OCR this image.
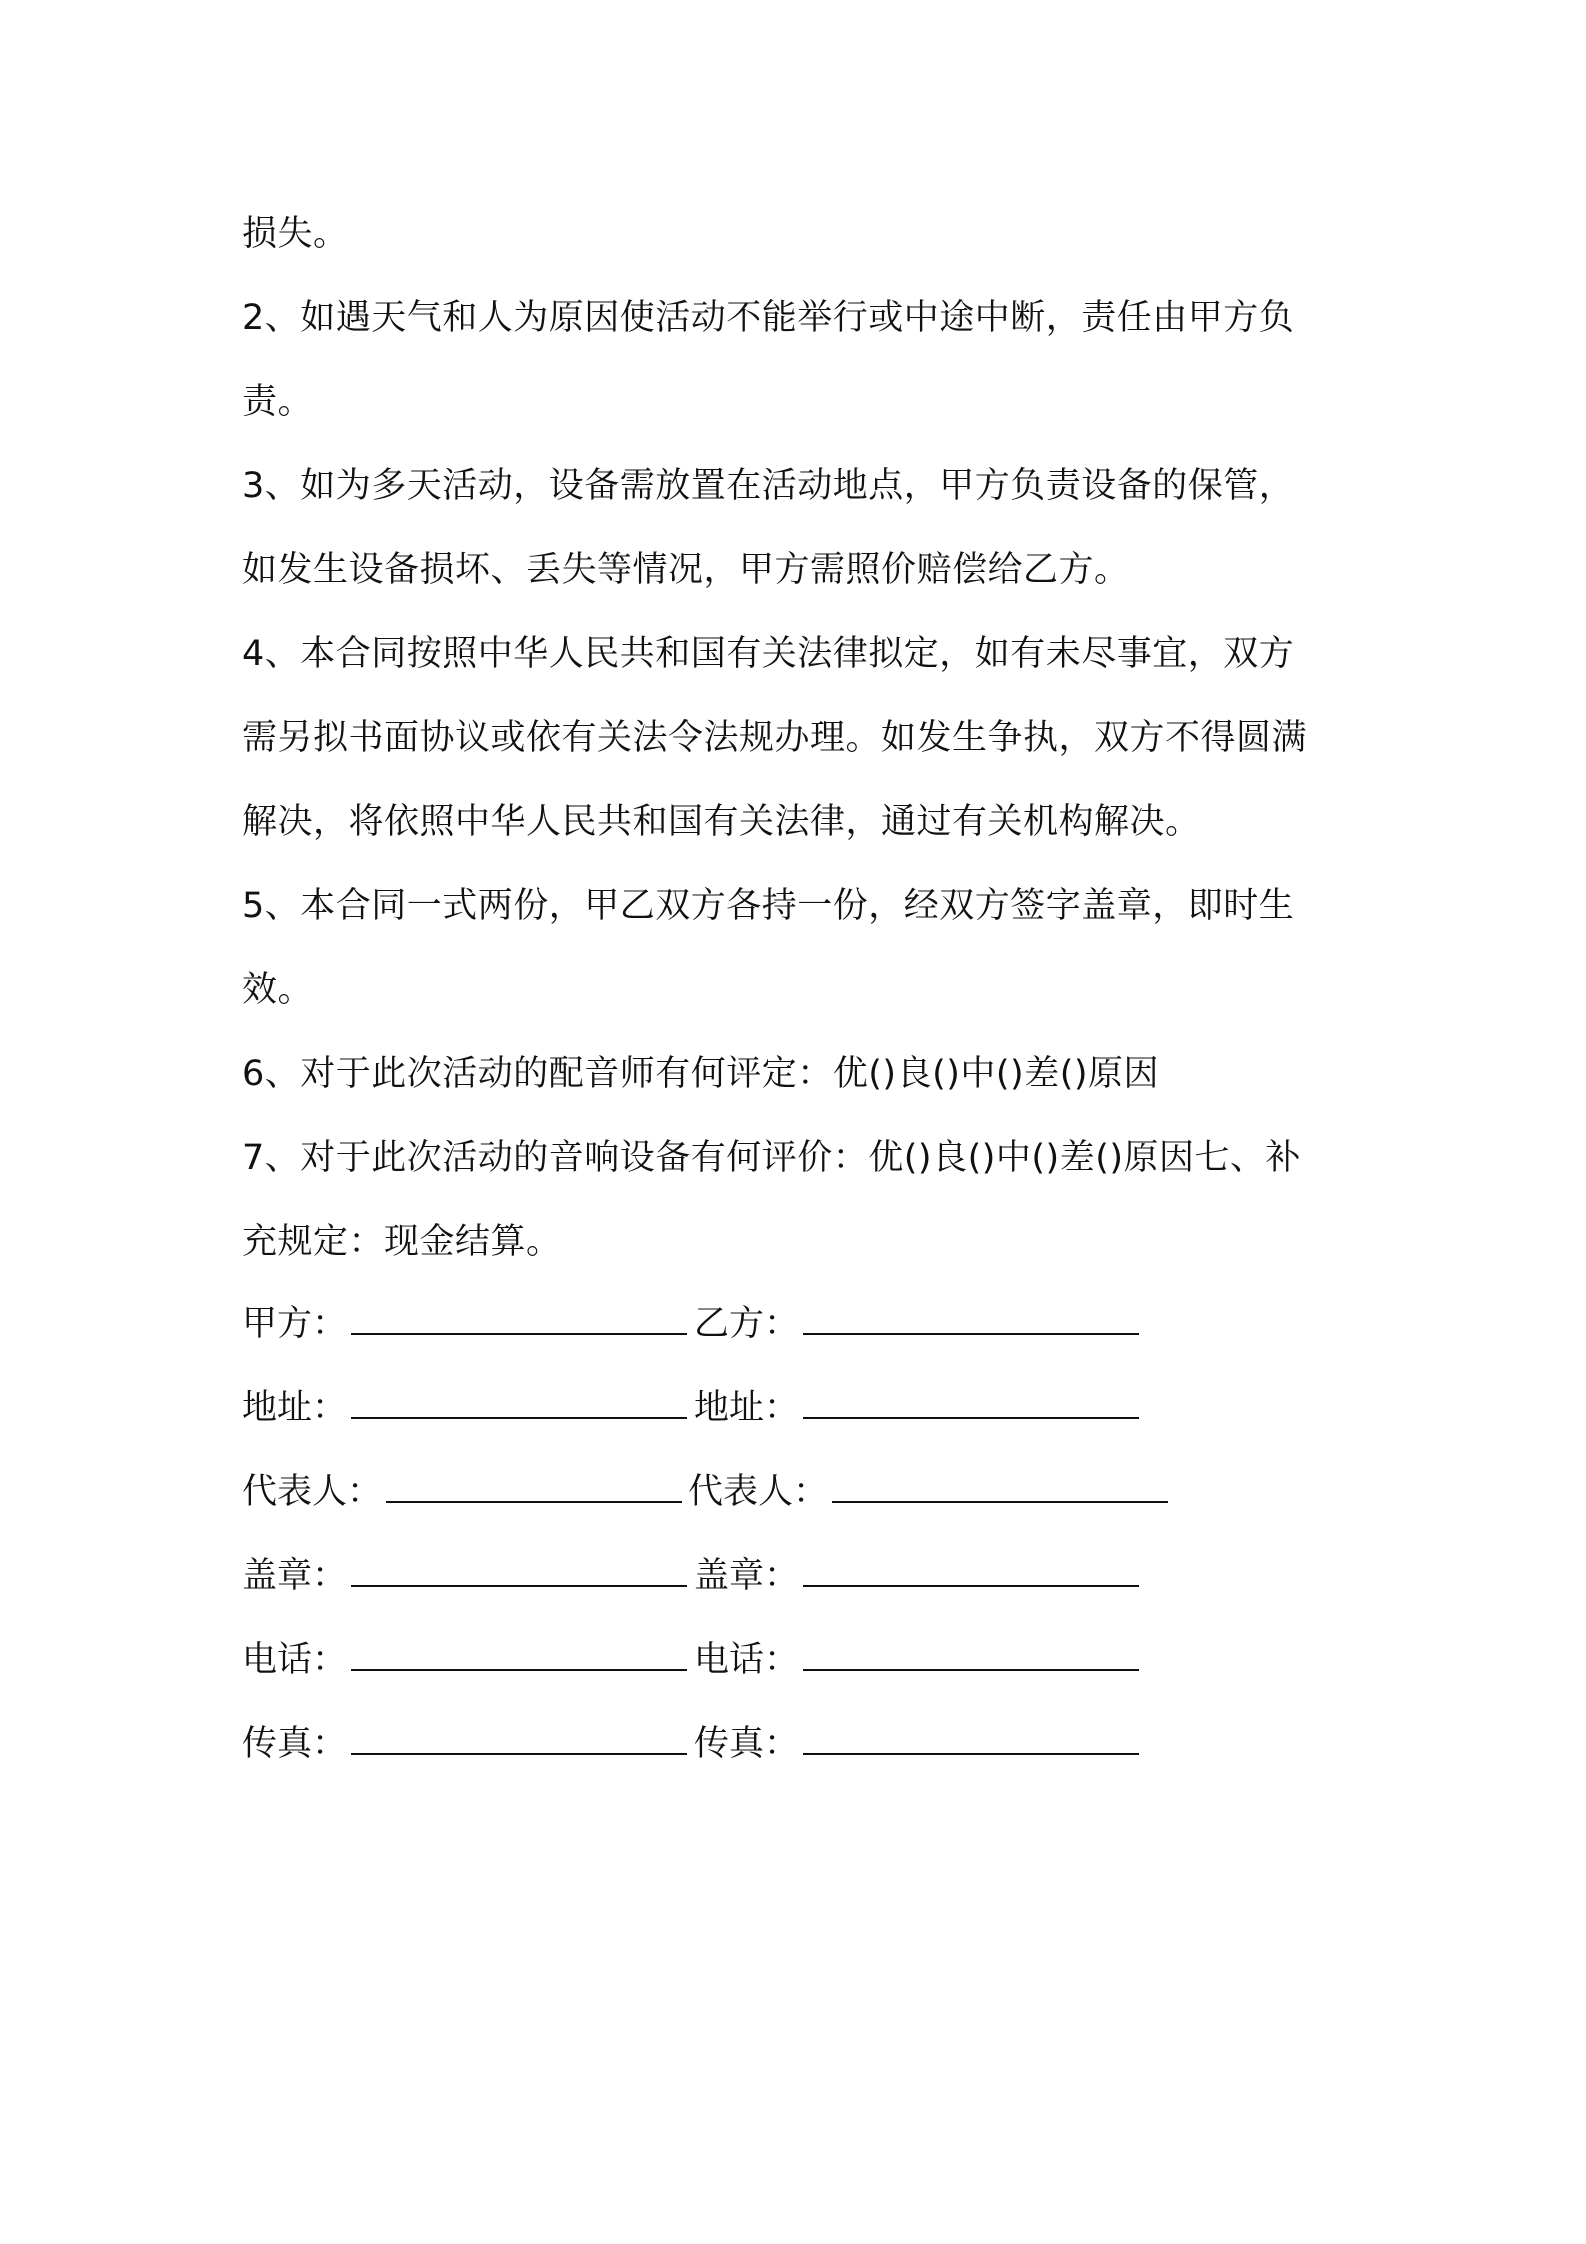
损失。
2、如遇天气和人为原因使活动不能举行或中途中断，责任由甲方负
责。
3、如为多天活动，设备需放置在活动地点，甲方负责设备的保管，
如发生设备损坏、丢失等情况，甲方需照价赔偿给乙方。
4、本合同按照中华人民共和国有关法律拟定，如有未尽事宜，双方
需另拟书面协议或依有关法令法规办理。如发生争执，双方不得圆满
解决，将依照中华人民共和国有关法律，通过有关机构解决。
5、本合同一式两份，甲乙双方各持一份，经双方签字盖章，即时生
效。
6、对于此次活动的配音师有何评定：优()良()中()差()原因
7、对于此次活动的音响设备有何评价：优()良()中()差()原因七、补
充规定：现金结算。
甲方：	乙方：
地址：	地址：
代表人：	代表人：
盖章：	盖章：
电话：	电话：
传真：	传真：
